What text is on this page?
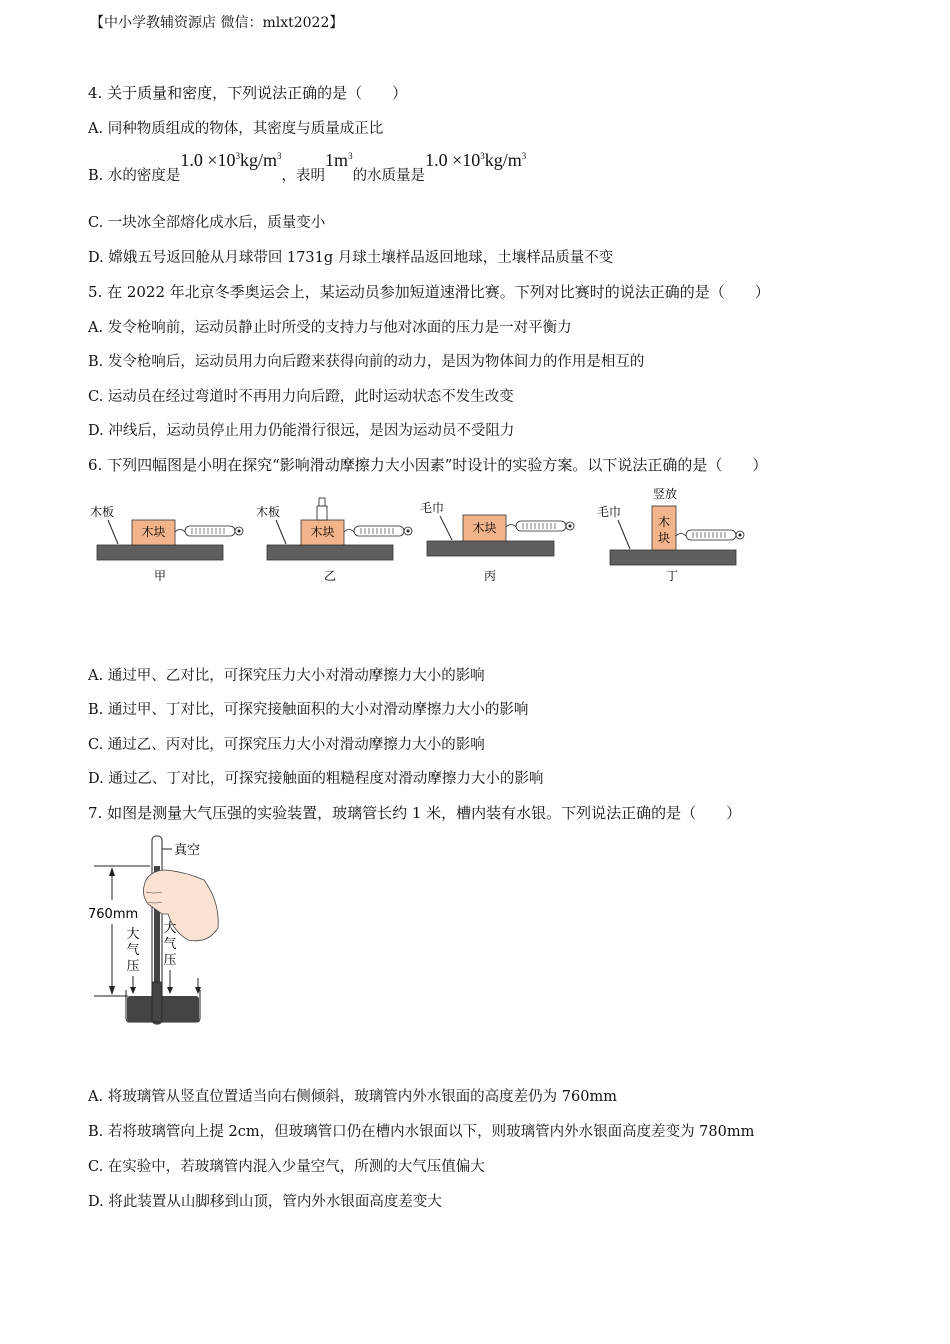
【中小学教辅资源店 微信：mlxt2022】
4. 关于质量和密度，下列说法正确的是（　　）
A. 同种物质组成的物体，其密度与质量成正比
B. 水的密度是$1.0 \times 10^3kg/m^3$，表明$1m^3$的水质量是$1.0 \times 10^3kg/m^3$
C. 一块冰全部熔化成水后，质量变小
D. 嫦娥五号返回舱从月球带回 1731g 月球土壤样品返回地球，土壤样品质量不变
5. 在 2022 年北京冬季奥运会上，某运动员参加短道速滑比赛。下列对比赛时的说法正确的是（　　）
A. 发令枪响前，运动员静止时所受的支持力与他对冰面的压力是一对平衡力
B. 发令枪响后，运动员用力向后蹬来获得向前的动力，是因为物体间力的作用是相互的
C. 运动员在经过弯道时不再用力向后蹬，此时运动状态不发生改变
D. 冲线后，运动员停止用力仍能滑行很远，是因为运动员不受阻力
6. 下列四幅图是小明在探究“影响滑动摩擦力大小因素”时设计的实验方案。以下说法正确的是（　　）
木板
木块
甲
木板
木块
乙
毛巾
木块
丙
毛巾
竖放
木
块
丁
A. 通过甲、乙对比，可探究压力大小对滑动摩擦力大小的影响
B. 通过甲、丁对比，可探究接触面积的大小对滑动摩擦力大小的影响
C. 通过乙、丙对比，可探究压力大小对滑动摩擦力大小的影响
D. 通过乙、丁对比，可探究接触面的粗糙程度对滑动摩擦力大小的影响
7. 如图是测量大气压强的实验装置，玻璃管长约 1 米，槽内装有水银。下列说法正确的是（　　）
真空
760mm
大
气
压
大
气
压
A. 将玻璃管从竖直位置适当向右侧倾斜，玻璃管内外水银面的高度差仍为 760mm
B. 若将玻璃管向上提 2cm，但玻璃管口仍在槽内水银面以下，则玻璃管内外水银面高度差变为 780mm
C. 在实验中，若玻璃管内混入少量空气，所测的大气压值偏大
D. 将此装置从山脚移到山顶，管内外水银面高度差变大
